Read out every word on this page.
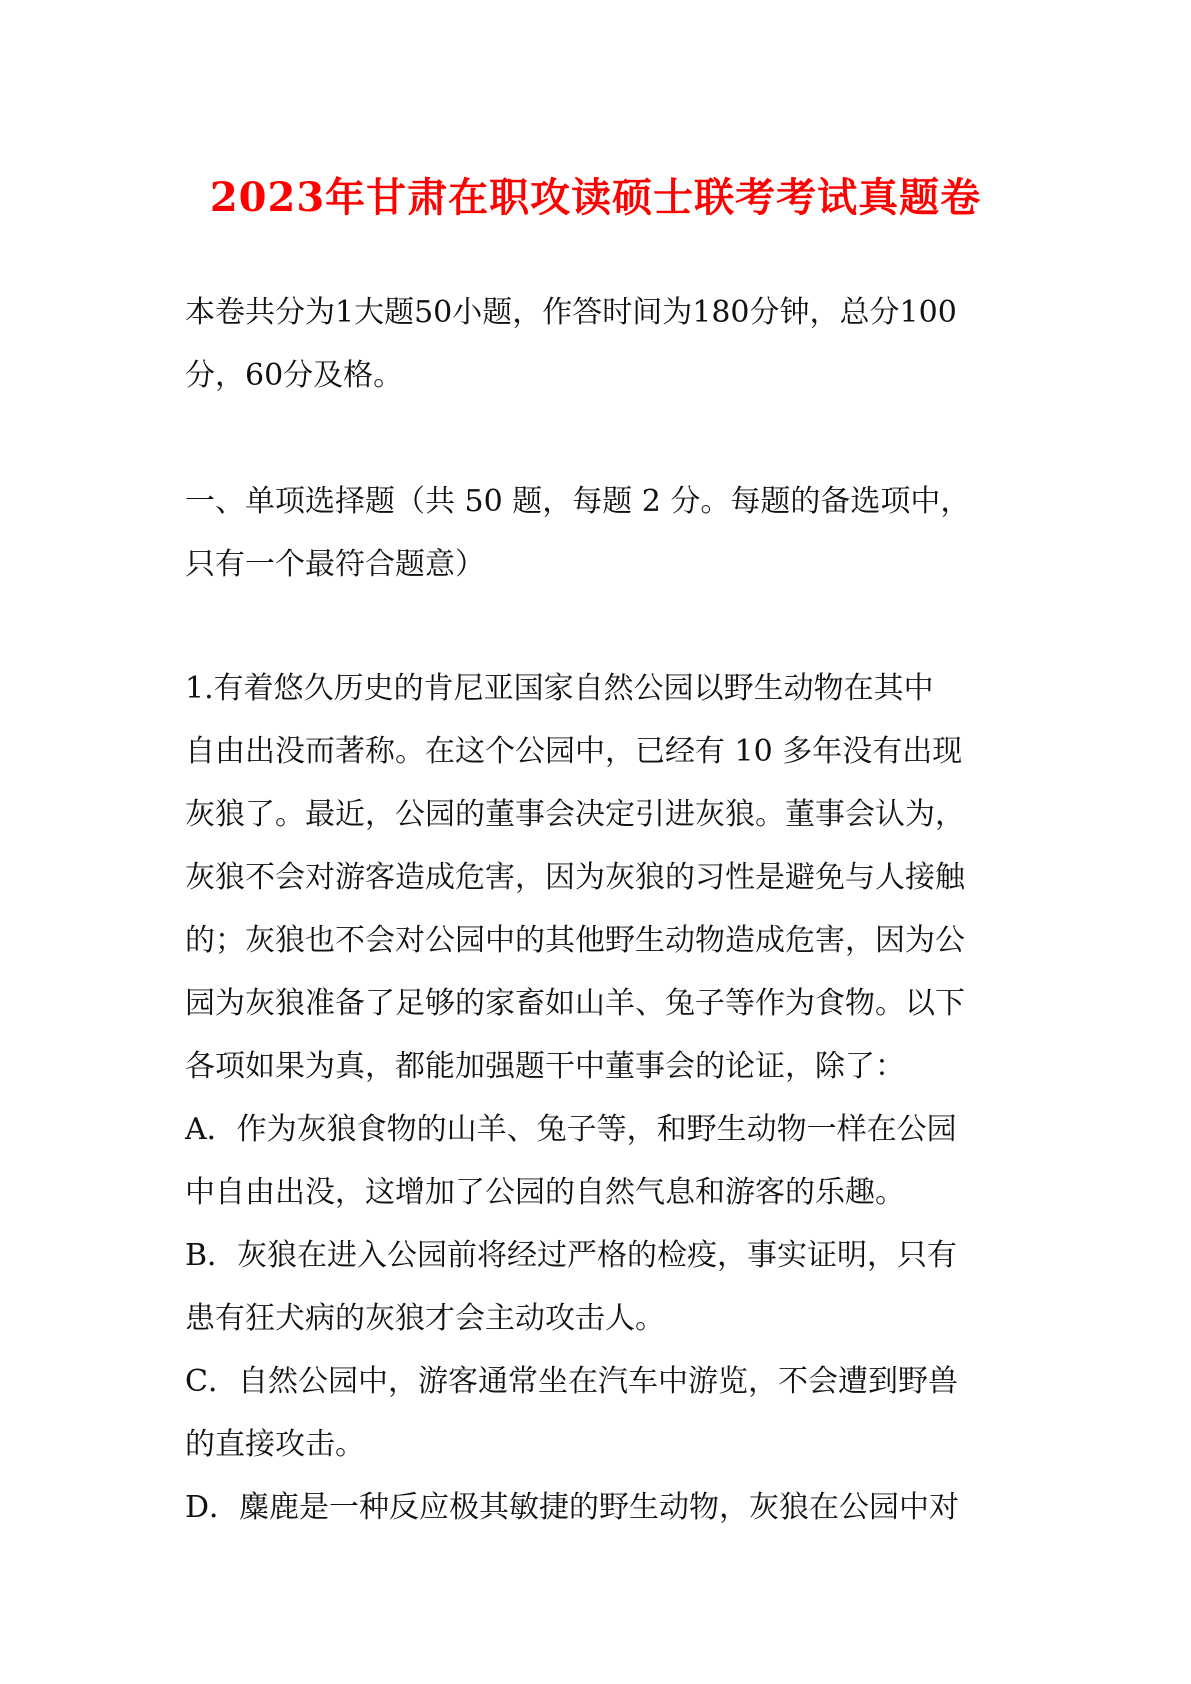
2023年甘肃在职攻读硕士联考考试真题卷
本卷共分为1大题50小题，作答时间为180分钟，总分100
分，60分及格。
一、单项选择题（共 50 题，每题 2 分。每题的备选项中，
只有一个最符合题意）
1.有着悠久历史的肯尼亚国家自然公园以野生动物在其中
自由出没而著称。在这个公园中，已经有 10 多年没有出现
灰狼了。最近，公园的董事会决定引进灰狼。董事会认为，
灰狼不会对游客造成危害，因为灰狼的习性是避免与人接触
的；灰狼也不会对公园中的其他野生动物造成危害，因为公
园为灰狼准备了足够的家畜如山羊、兔子等作为食物。以下
各项如果为真，都能加强题干中董事会的论证，除了：
A．作为灰狼食物的山羊、兔子等，和野生动物一样在公园
中自由出没，这增加了公园的自然气息和游客的乐趣。
B．灰狼在进入公园前将经过严格的检疫，事实证明，只有
患有狂犬病的灰狼才会主动攻击人。
C．自然公园中，游客通常坐在汽车中游览，不会遭到野兽
的直接攻击。
D．麋鹿是一种反应极其敏捷的野生动物，灰狼在公园中对
